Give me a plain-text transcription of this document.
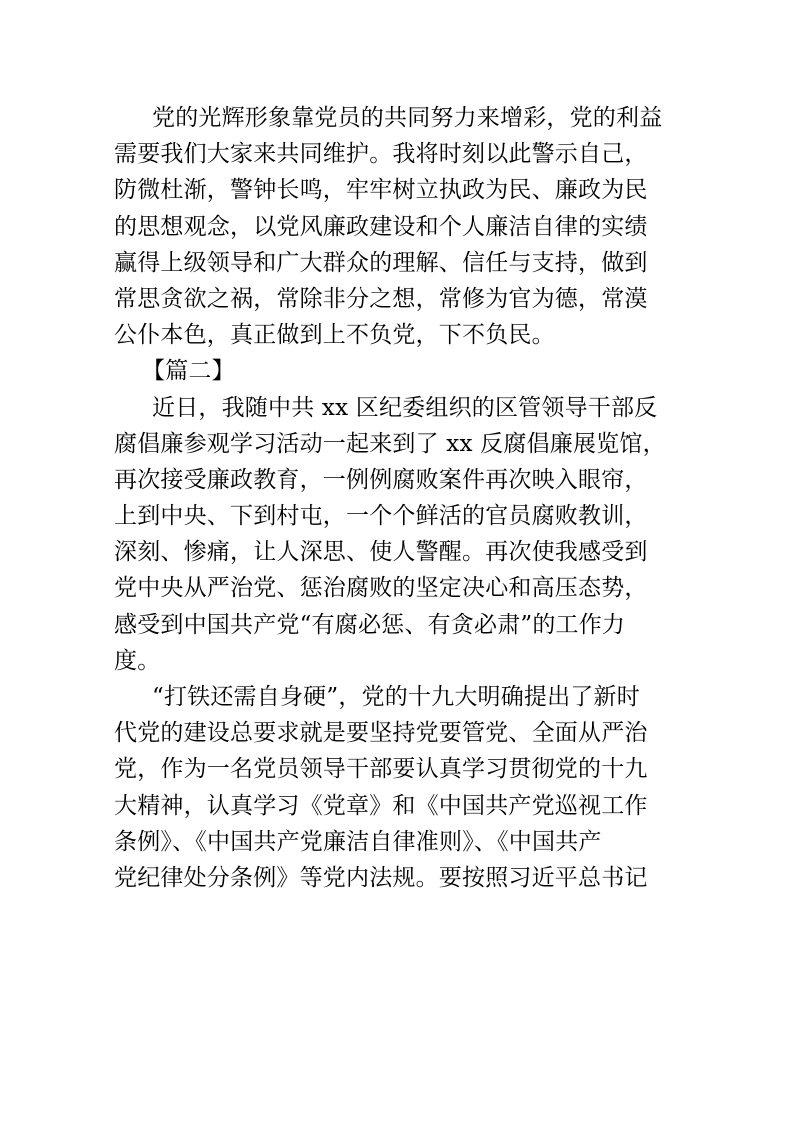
党的光辉形象靠党员的共同努力来增彩，党的利益
需要我们大家来共同维护。我将时刻以此警示自己，
防微杜渐，警钟长鸣，牢牢树立执政为民、廉政为民
的思想观念，以党风廉政建设和个人廉洁自律的实绩
赢得上级领导和广大群众的理解、信任与支持，做到
常思贪欲之祸，常除非分之想，常修为官为德，常漠
公仆本色，真正做到上不负党，下不负民。
【篇二】
近日，我随中共 xx 区纪委组织的区管领导干部反
腐倡廉参观学习活动一起来到了 xx 反腐倡廉展览馆，
再次接受廉政教育，一例例腐败案件再次映入眼帘，
上到中央、下到村屯，一个个鲜活的官员腐败教训，
深刻、惨痛，让人深思、使人警醒。再次使我感受到
党中央从严治党、惩治腐败的坚定决心和高压态势，
感受到中国共产党“有腐必惩、有贪必肃”的工作力
度。
“打铁还需自身硬”，党的十九大明确提出了新时
代党的建设总要求就是要坚持党要管党、全面从严治
党，作为一名党员领导干部要认真学习贯彻党的十九
大精神，认真学习《党章》和《中国共产党巡视工作
条例》、《中国共产党廉洁自律准则》、《中国共产
党纪律处分条例》等党内法规。要按照习近平总书记
